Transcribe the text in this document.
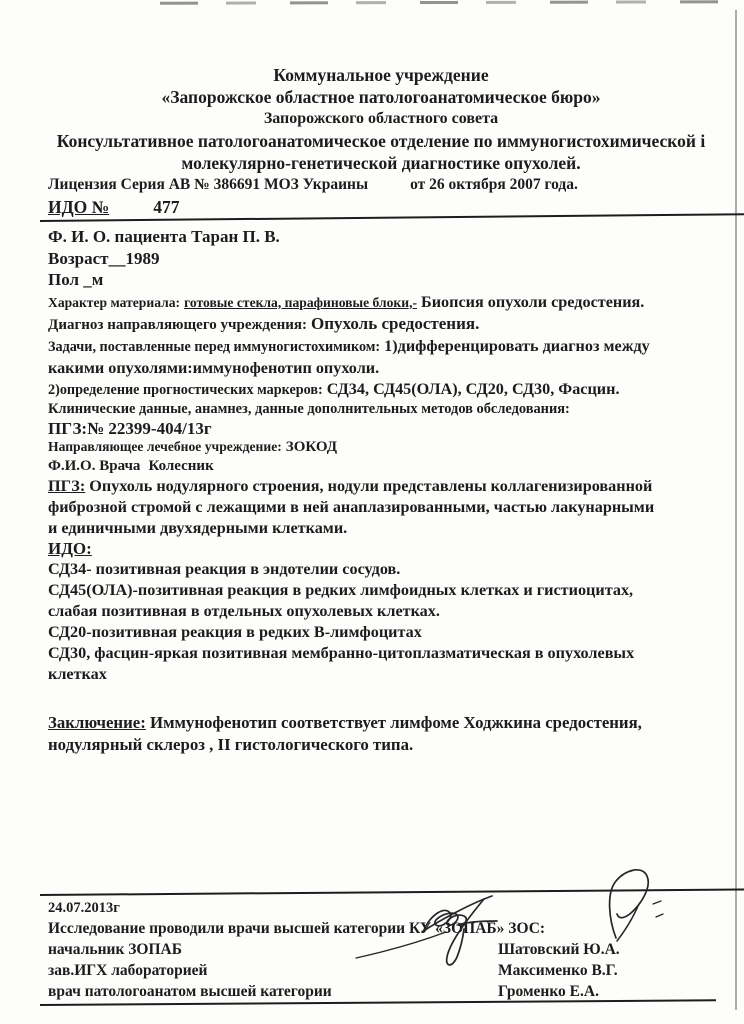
Коммунальное учреждение
«Запорожское областное патологоанатомическое бюро»
Запорожского областного совета
Консультативное патологоанатомическое отделение по иммуногистохимической і
молекулярно-генетической диагностике опухолей.
Лицензия Серия АВ № 386691 МОЗ Украины	от 26 октября 2007 года.
ИДО №	477

Ф. И. О. пациента Таран П. В.

Возраст__1989

Пол _м

Характер материала: готовые стекла, парафиновые блоки,- Биопсия опухоли средостения.

Диагноз направляющего учреждения: Опухоль средостения.

Задачи, поставленные перед иммуногистохимиком: 1)дифференцировать диагноз между

какими опухолями:иммунофенотип опухоли.

2)определение прогностических маркеров: СД34, СД45(ОЛА), СД20, СД30, Фасцин.

Клинические данные, анамнез, данные дополнительных методов обследования:

ПГЗ:№ 22399-404/13г

Направляющее лечебное учреждение: ЗОКОД

Ф.И.О. Врача Колесник

ПГЗ: Опухоль нодулярного строения, нодули представлены коллагенизированной

фиброзной стромой с лежащими в ней анаплазированными, частью лакунарными

и единичными двухядерными клетками.

ИДО:

СД34- позитивная реакция в эндотелии сосудов.

СД45(ОЛА)-позитивная реакция в редких лимфоидных клетках и гистиоцитах,

слабая позитивная в отдельных опухолевых клетках.

СД20-позитивная реакция в редких В-лимфоцитах

СД30, фасцин-яркая позитивная мембранно-цитоплазматическая в опухолевых

клетках

Заключение: Иммунофенотип соответствует лимфоме Ходжкина средостения,

нодулярный склероз , II гистологического типа.

24.07.2013г
Исследование проводили врачи высшей категории КУ «ЗОПАБ» ЗОС:
начальник ЗОПАБ	Шатовский Ю.А.
зав.ИГХ лабораторией	Максименко В.Г.
врач патологоанатом высшей категории	Громенко Е.А.
